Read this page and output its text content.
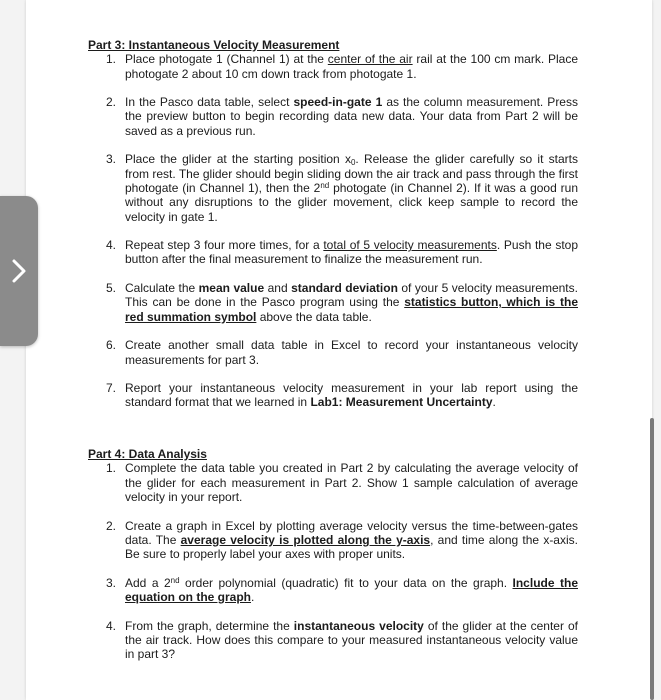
Part 3: Instantaneous Velocity Measurement
1. Place photogate 1 (Channel 1) at the center of the air rail at the 100 cm mark. Place photogate 2 about 10 cm down track from photogate 1.
2. In the Pasco data table, select speed-in-gate 1 as the column measurement. Press the preview button to begin recording data new data. Your data from Part 2 will be saved as a previous run.
3. Place the glider at the starting position $x_0$. Release the glider carefully so it starts from rest. The glider should begin sliding down the air track and pass through the first photogate (in Channel 1), then the 2nd photogate (in Channel 2). If it was a good run without any disruptions to the glider movement, click keep sample to record the velocity in gate 1.
4. Repeat step 3 four more times, for a total of 5 velocity measurements. Push the stop button after the final measurement to finalize the measurement run.
5. Calculate the mean value and standard deviation of your 5 velocity measurements. This can be done in the Pasco program using the statistics button, which is the red summation symbol above the data table.
6. Create another small data table in Excel to record your instantaneous velocity measurements for part 3.
7. Report your instantaneous velocity measurement in your lab report using the standard format that we learned in Lab1: Measurement Uncertainty.
Part 4: Data Analysis
1. Complete the data table you created in Part 2 by calculating the average velocity of the glider for each measurement in Part 2. Show 1 sample calculation of average velocity in your report.
2. Create a graph in Excel by plotting average velocity versus the time-between-gates data. The average velocity is plotted along the y-axis, and time along the x-axis. Be sure to properly label your axes with proper units.
3. Add a 2nd order polynomial (quadratic) fit to your data on the graph. Include the equation on the graph.
4. From the graph, determine the instantaneous velocity of the glider at the center of the air track. How does this compare to your measured instantaneous velocity value in part 3?
